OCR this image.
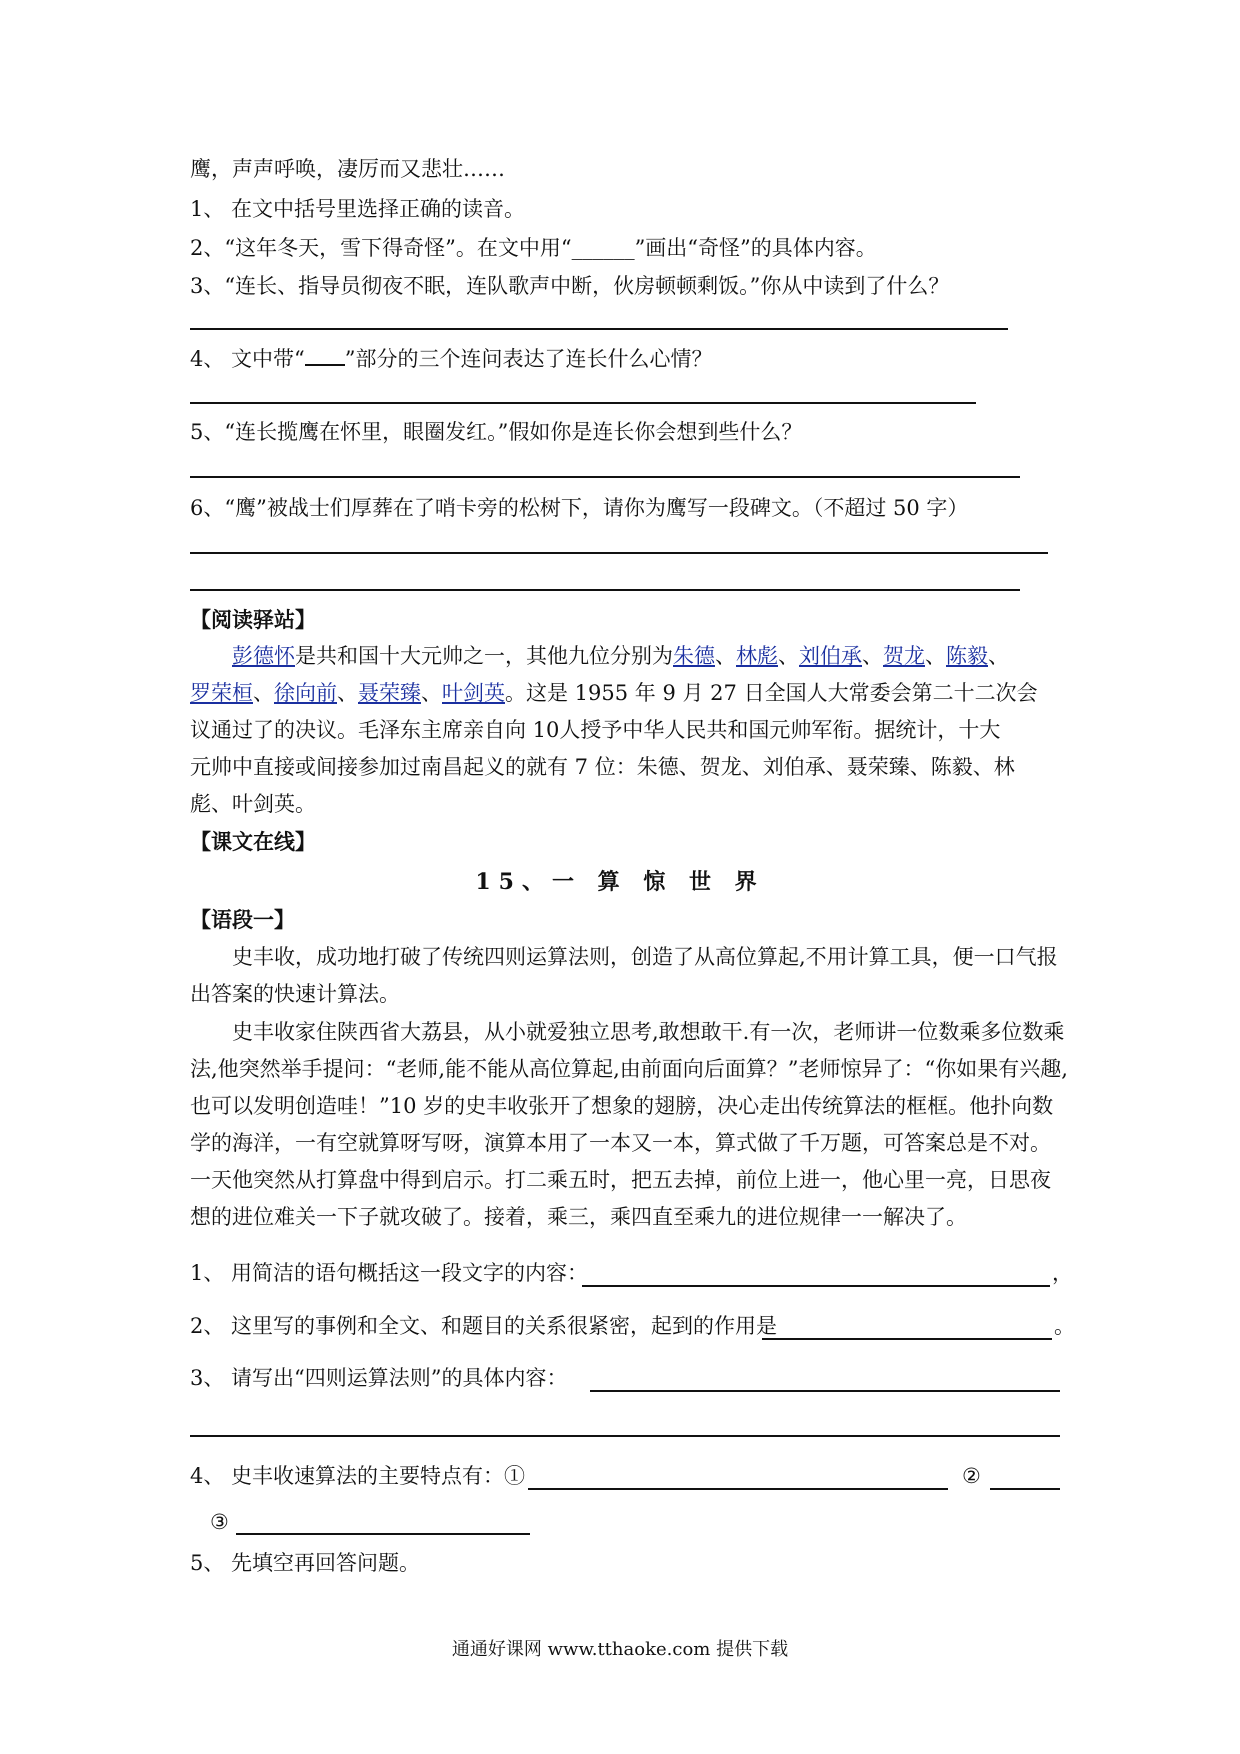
鹰，声声呼唤，凄厉而又悲壮……
1、 在文中括号里选择正确的读音。
2、“这年冬天，雪下得奇怪”。在文中用“______”画出“奇怪”的具体内容。
3、“连长、指导员彻夜不眠，连队歌声中断，伙房顿顿剩饭。”你从中读到了什么？
4、 文中带“ ”部分的三个连问表达了连长什么心情？
5、“连长揽鹰在怀里，眼圈发红。”假如你是连长你会想到些什么？
6、“鹰”被战士们厚葬在了哨卡旁的松树下，请你为鹰写一段碑文。（不超过 50 字）
【阅读驿站】
彭德怀是共和国十大元帅之一，其他九位分别为朱德、林彪、刘伯承、贺龙、陈毅、
罗荣桓、徐向前、聂荣臻、叶剑英。这是 1955 年 9 月 27 日全国人大常委会第二十二次会
议通过了的决议。毛泽东主席亲自向 10人授予中华人民共和国元帅军衔。据统计，十大
元帅中直接或间接参加过南昌起义的就有 7 位：朱德、贺龙、刘伯承、聂荣臻、陈毅、林
彪、叶剑英。
【课文在线】
15、一 算 惊 世 界
【语段一】
史丰收，成功地打破了传统四则运算法则，创造了从高位算起,不用计算工具，便一口气报
出答案的快速计算法。
史丰收家住陕西省大荔县，从小就爱独立思考,敢想敢干.有一次，老师讲一位数乘多位数乘
法,他突然举手提问：“老师,能不能从高位算起,由前面向后面算？”老师惊异了：“你如果有兴趣,
也可以发明创造哇！”10 岁的史丰收张开了想象的翅膀，决心走出传统算法的框框。他扑向数
学的海洋，一有空就算呀写呀，演算本用了一本又一本，算式做了千万题，可答案总是不对。
一天他突然从打算盘中得到启示。打二乘五时，把五去掉，前位上进一，他心里一亮，日思夜
想的进位难关一下子就攻破了。接着，乘三，乘四直至乘九的进位规律一一解决了。
1、 用简洁的语句概括这一段文字的内容：	，
2、 这里写的事例和全文、和题目的关系很紧密，起到的作用是	。
3、 请写出“四则运算法则”的具体内容：
4、 史丰收速算法的主要特点有：①	②
③
5、 先填空再回答问题。
通通好课网 www.tthaoke.com 提供下载
